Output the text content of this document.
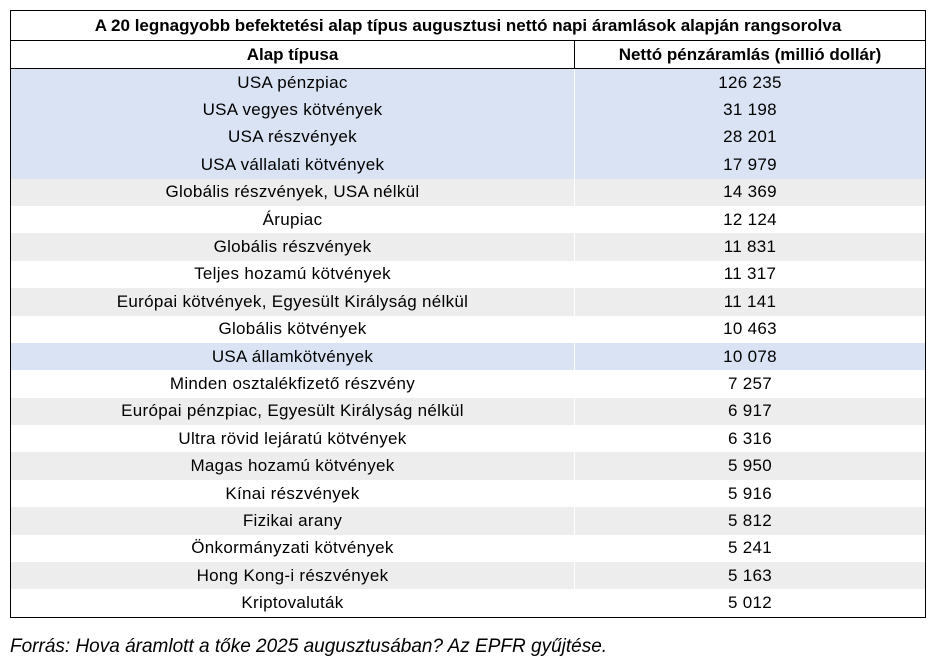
A 20 legnagyobb befektetési alap típus augusztusi nettó napi áramlások alapján rangsorolva	
Alap típusa	Nettó pénzáramlás (millió dollár)
USA pénzpiac	126 235
USA vegyes kötvények	31 198
USA részvények	28 201
USA vállalati kötvények	17 979
Globális részvények, USA nélkül	14 369
Árupiac	12 124
Globális részvények	11 831
Teljes hozamú kötvények	11 317
Európai kötvények, Egyesült Királyság nélkül	11 141
Globális kötvények	10 463
USA államkötvények	10 078
Minden osztalékfizető részvény	7 257
Európai pénzpiac, Egyesült Királyság nélkül	6 917
Ultra rövid lejáratú kötvények	6 316
Magas hozamú kötvények	5 950
Kínai részvények	5 916
Fizikai arany	5 812
Önkormányzati kötvények	5 241
Hong Kong-i részvények	5 163
Kriptovaluták	5 012
Forrás: Hova áramlott a tőke 2025 augusztusában? Az EPFR gyűjtése.
